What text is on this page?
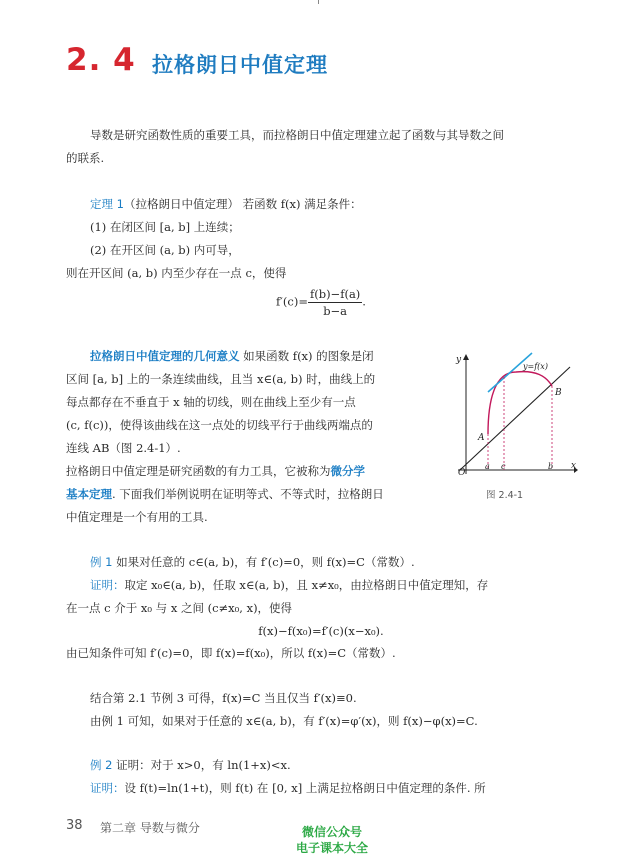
2. 4 拉格朗日中值定理
导数是研究函数性质的重要工具，而拉格朗日中值定理建立起了函数与其导数之间
的联系.
定理 1（拉格朗日中值定理） 若函数 f(x) 满足条件：
(1) 在闭区间 [a, b] 上连续；
(2) 在开区间 (a, b) 内可导，
则在开区间 (a, b) 内至少存在一点 c，使得
$f'(c)= \frac{f(b)-f(a)}{b-a}$ .
拉格朗日中值定理的几何意义 如果函数 f(x) 的图象是闭
区间 [a, b] 上的一条连续曲线，且当 x∈(a, b) 时，曲线上的
每点都存在不垂直于 x 轴的切线，则在曲线上至少有一点
(c, f(c))，使得该曲线在这一点处的切线平行于曲线两端点的
连线 AB（图 2.4-1）.
拉格朗日中值定理是研究函数的有力工具，它被称为微分学
基本定理. 下面我们举例说明在证明等式、不等式时，拉格朗日
中值定理是一个有用的工具.
y
x
O
y=f(x)
A
B
a c	b
图 2.4-1
例 1 如果对任意的 c∈(a, b)，有 f′(c)=0，则 f(x)=C（常数）.
证明：取定 x₀∈(a, b)，任取 x∈(a, b)，且 x≠x₀，由拉格朗日中值定理知，存
在一点 c 介于 x₀ 与 x 之间 (c≠x₀, x)，使得
f(x)−f(x₀)=f′(c)(x−x₀).
由已知条件可知 f′(c)=0，即 f(x)=f(x₀)，所以 f(x)=C（常数）.
结合第 2.1 节例 3 可得，f(x)=C 当且仅当 f′(x)≡0.
由例 1 可知，如果对于任意的 x∈(a, b)，有 f′(x)=φ′(x)，则 f(x)−φ(x)=C.
例 2 证明：对于 x>0，有 ln(1+x)<x.
证明：设 f(t)=ln(1+t)，则 f(t) 在 [0, x] 上满足拉格朗日中值定理的条件. 所
38 第二章 导数与微分	微信公众号
电子课本大全
